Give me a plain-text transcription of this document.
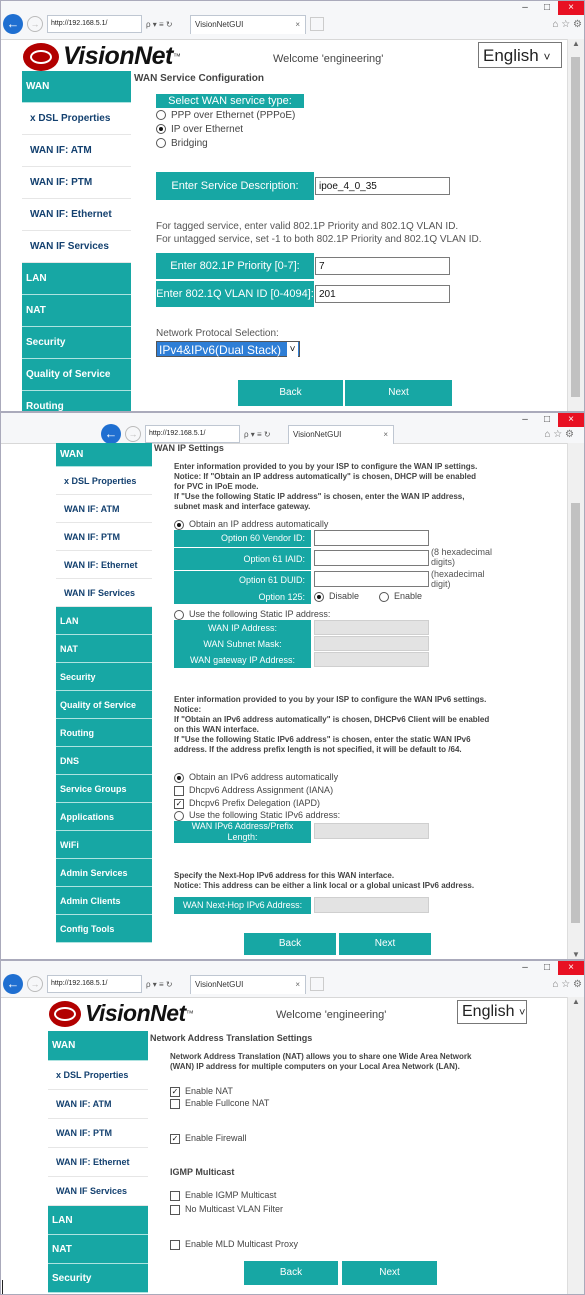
–	□	×
←	→	http://192.168.5.1/	ρ ▾ ≡ ↻	VisionNetGUI	×	⌂ ☆ ⚙
VisionNet ™	Welcome 'engineering'	English ˅
▲
WAN
x DSL Properties
WAN IF: ATM
WAN IF: PTM
WAN IF: Ethernet
WAN IF Services
LAN
NAT
Security
Quality of Service
Routing
WAN Service Configuration
Select WAN service type:
PPP over Ethernet (PPPoE)
IP over Ethernet
Bridging
Enter Service Description:	ipoe_4_0_35
For tagged service, enter valid 802.1P Priority and 802.1Q VLAN ID.
For untagged service, set -1 to both 802.1P Priority and 802.1Q VLAN ID.
Enter 802.1P Priority [0-7]:	7
Enter 802.1Q VLAN ID [0-4094]: 201
Network Protocal Selection:
IPv4&IPv6(Dual Stack) ˅
Back	Next
–	□	×
←	→	http://192.168.5.1/	ρ ▾ ≡ ↻	VisionNetGUI	×	⌂ ☆ ⚙
▼
WAN
x DSL Properties
WAN IF: ATM
WAN IF: PTM
WAN IF: Ethernet
WAN IF Services
LAN
NAT
Security
Quality of Service
Routing
DNS
Service Groups
Applications
WiFi
Admin Services
Admin Clients
Config Tools
WAN IP Settings
Enter information provided to you by your ISP to configure the WAN IP settings.
Notice: If "Obtain an IP address automatically" is chosen, DHCP will be enabled
for PVC in IPoE mode.
If "Use the following Static IP address" is chosen, enter the WAN IP address,
subnet mask and interface gateway.
Obtain an IP address automatically
Option 60 Vendor ID:
Option 61 IAID:
(8 hexadecimal
digits)
Option 61 DUID:
(hexadecimal
digit)
Option 125:	Disable	Enable
Use the following Static IP address:
WAN IP Address:
WAN Subnet Mask:
WAN gateway IP Address:
Enter information provided to you by your ISP to configure the WAN IPv6 settings.
Notice:
If "Obtain an IPv6 address automatically" is chosen, DHCPv6 Client will be enabled
on this WAN interface.
If "Use the following Static IPv6 address" is chosen, enter the static WAN IPv6
address. If the address prefix length is not specified, it will be default to /64.
Obtain an IPv6 address automatically
Dhcpv6 Address Assignment (IANA)
✓ Dhcpv6 Prefix Delegation (IAPD)
Use the following Static IPv6 address:
WAN IPv6 Address/Prefix
Length:
Specify the Next-Hop IPv6 address for this WAN interface.
Notice: This address can be either a link local or a global unicast IPv6 address.
WAN Next-Hop IPv6 Address:
Back	Next
–	□	×
←	→	http://192.168.5.1/	ρ ▾ ≡ ↻	VisionNetGUI	×	⌂ ☆ ⚙
VisionNet ™	Welcome 'engineering'	English ˅
▲
WAN
x DSL Properties
WAN IF: ATM
WAN IF: PTM
WAN IF: Ethernet
WAN IF Services
LAN
NAT
Security
Network Address Translation Settings
Network Address Translation (NAT) allows you to share one Wide Area Network
(WAN) IP address for multiple computers on your Local Area Network (LAN).
✓ Enable NAT
Enable Fullcone NAT
✓ Enable Firewall
IGMP Multicast
Enable IGMP Multicast
No Multicast VLAN Filter
Enable MLD Multicast Proxy
Back	Next
